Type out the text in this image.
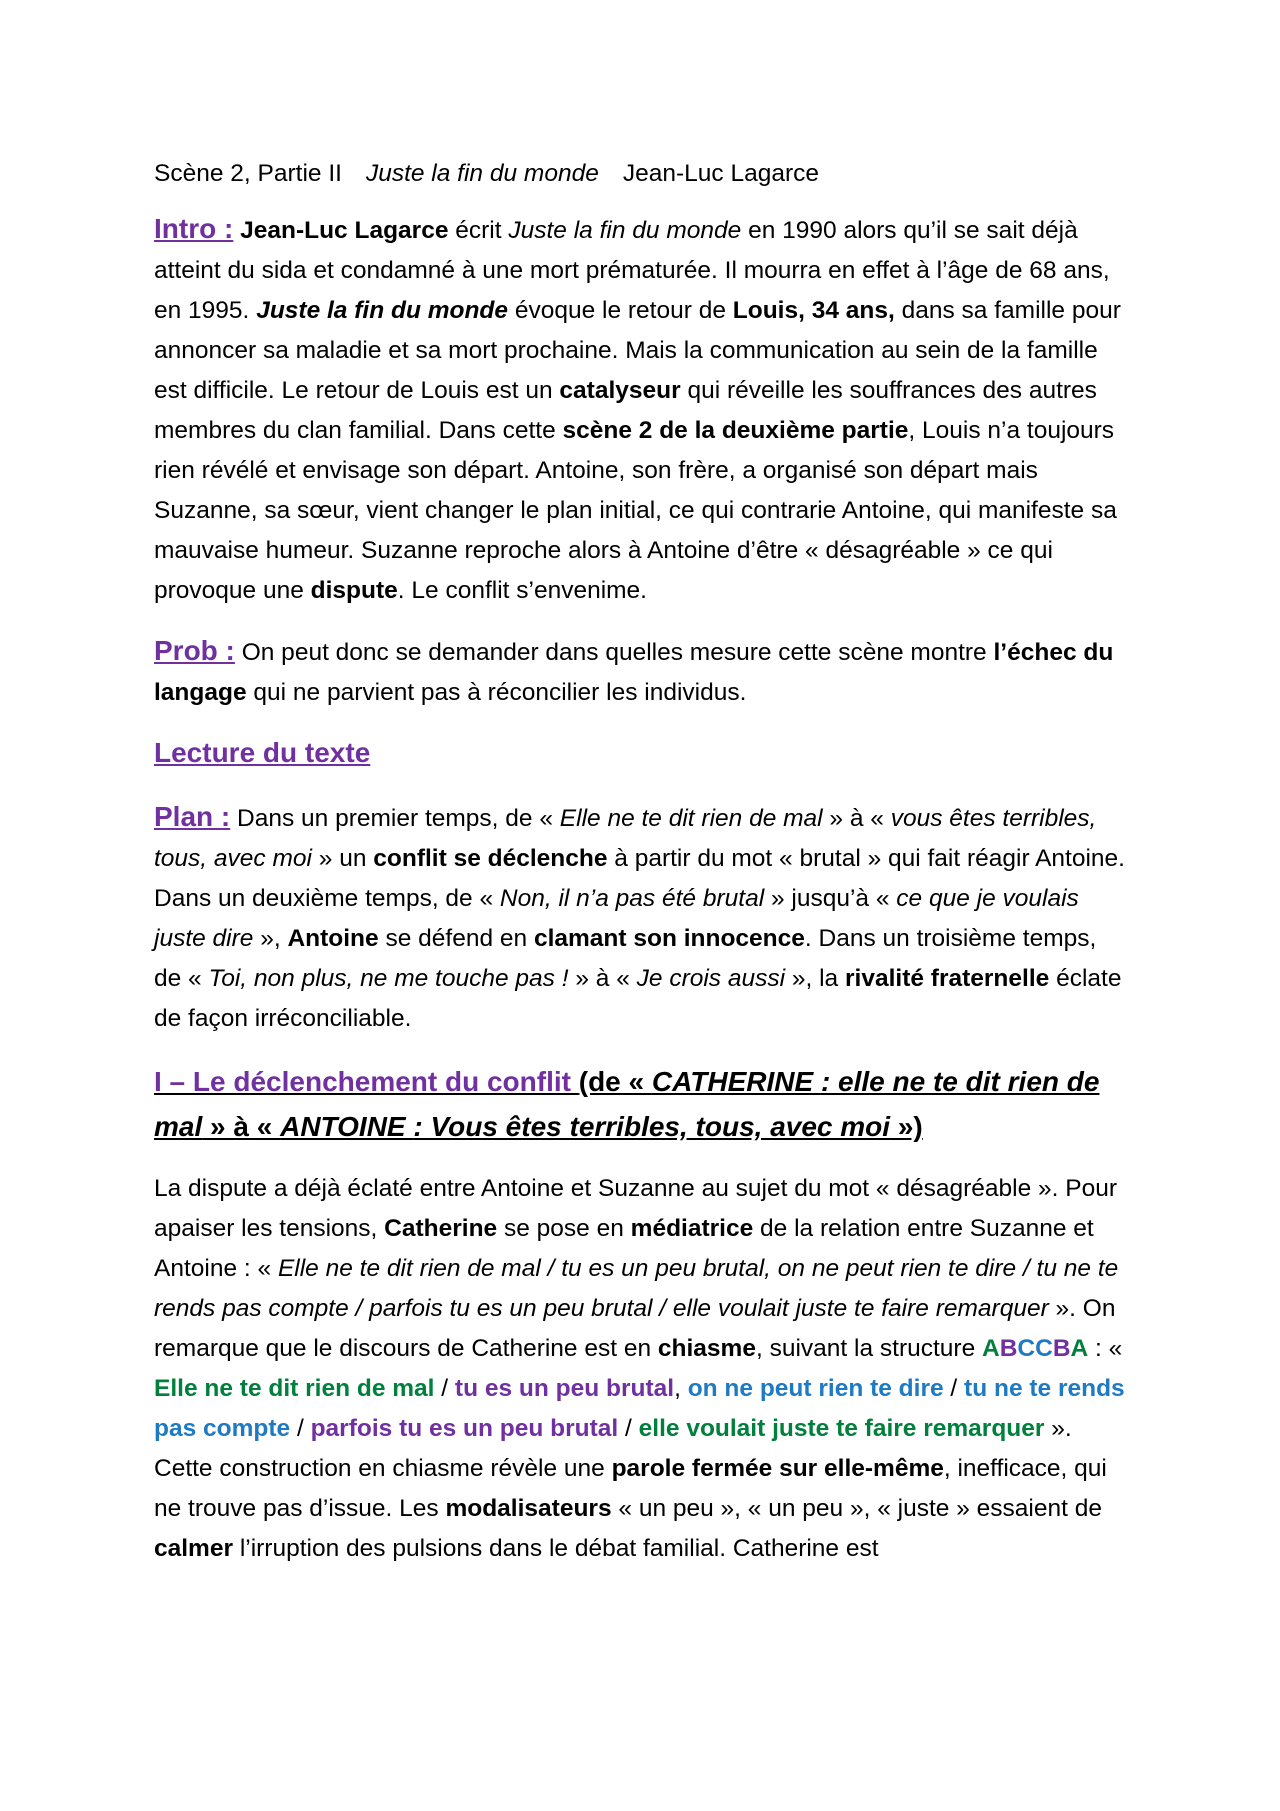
Scène 2, Partie II Juste la fin du monde Jean-Luc Lagarce

Intro : Jean-Luc Lagarce écrit Juste la fin du monde en 1990 alors qu’il se sait déjà atteint du sida et condamné à une mort prématurée. Il mourra en effet à l’âge de 68 ans, en 1995. Juste la fin du monde évoque le retour de Louis, 34 ans, dans sa famille pour annoncer sa maladie et sa mort prochaine. Mais la communication au sein de la famille est difficile. Le retour de Louis est un catalyseur qui réveille les souffrances des autres membres du clan familial. Dans cette scène 2 de la deuxième partie, Louis n’a toujours rien révélé et envisage son départ. Antoine, son frère, a organisé son départ mais Suzanne, sa sœur, vient changer le plan initial, ce qui contrarie Antoine, qui manifeste sa mauvaise humeur. Suzanne reproche alors à Antoine d’être « désagréable » ce qui provoque une dispute. Le conflit s’envenime.

Prob : On peut donc se demander dans quelles mesure cette scène montre l’échec du langage qui ne parvient pas à réconcilier les individus.

Lecture du texte

Plan : Dans un premier temps, de « Elle ne te dit rien de mal » à « vous êtes terribles, tous, avec moi » un conflit se déclenche à partir du mot « brutal » qui fait réagir Antoine. Dans un deuxième temps, de « Non, il n’a pas été brutal » jusqu’à « ce que je voulais juste dire », Antoine se défend en clamant son innocence. Dans un troisième temps, de « Toi, non plus, ne me touche pas ! » à « Je crois aussi », la rivalité fraternelle éclate de façon irréconciliable.

I – Le déclenchement du conflit (de « CATHERINE : elle ne te dit rien de mal » à « ANTOINE : Vous êtes terribles, tous, avec moi »)

La dispute a déjà éclaté entre Antoine et Suzanne au sujet du mot « désagréable ». Pour apaiser les tensions, Catherine se pose en médiatrice de la relation entre Suzanne et Antoine : « Elle ne te dit rien de mal / tu es un peu brutal, on ne peut rien te dire / tu ne te rends pas compte / parfois tu es un peu brutal / elle voulait juste te faire remarquer ». On remarque que le discours de Catherine est en chiasme, suivant la structure ABCCBA : « Elle ne te dit rien de mal / tu es un peu brutal, on ne peut rien te dire / tu ne te rends pas compte / parfois tu es un peu brutal / elle voulait juste te faire remarquer ». Cette construction en chiasme révèle une parole fermée sur elle-même, inefficace, qui ne trouve pas d’issue. Les modalisateurs « un peu », « un peu », « juste » essaient de calmer l’irruption des pulsions dans le débat familial. Catherine est
